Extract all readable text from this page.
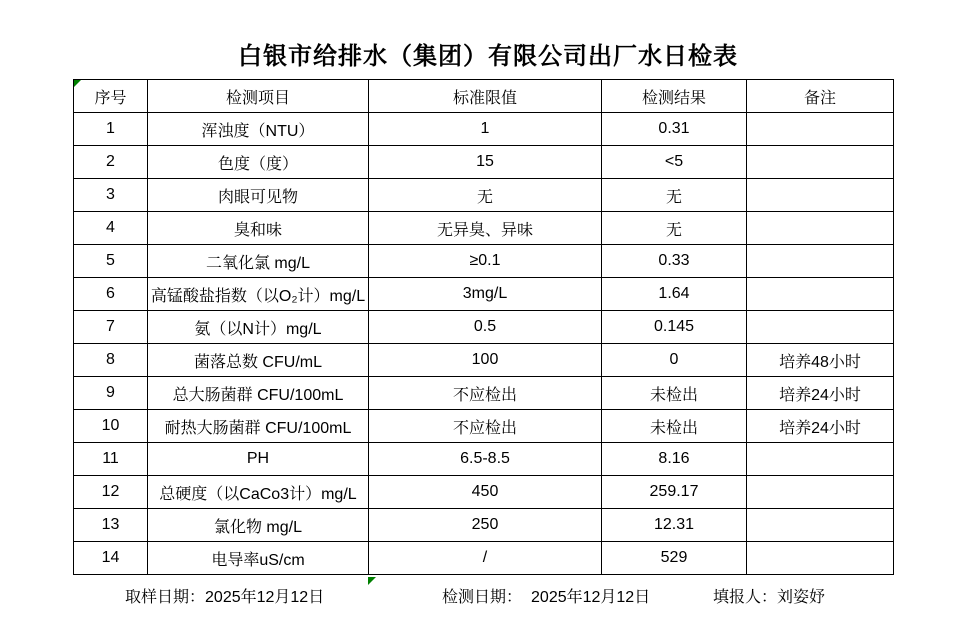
白银市给排水（集团）有限公司出厂水日检表
序号	检测项目	标准限值	检测结果	备注
1	浑浊度（NTU）	1	0.31	
2	色度（度）	15	<5	
3	肉眼可见物	无	无	
4	臭和味	无异臭、异味	无	
5	二氧化氯 mg/L	≥0.1	0.33	
6	高锰酸盐指数（以O₂计）mg/L	3mg/L	1.64	
7	氨（以N计）mg/L	0.5	0.145	
8	菌落总数 CFU/mL	100	0	培养48小时
9	总大肠菌群 CFU/100mL	不应检出	未检出	培养24小时
10	耐热大肠菌群 CFU/100mL	不应检出	未检出	培养24小时
11	PH	6.5-8.5	8.16	
12	总硬度（以CaCo3计）mg/L	450	259.17	
13	氯化物 mg/L	250	12.31	
14	电导率uS/cm	/	529	
取样日期：2025年12月12日	检测日期： 2025年12月12日	填报人：刘姿妤
